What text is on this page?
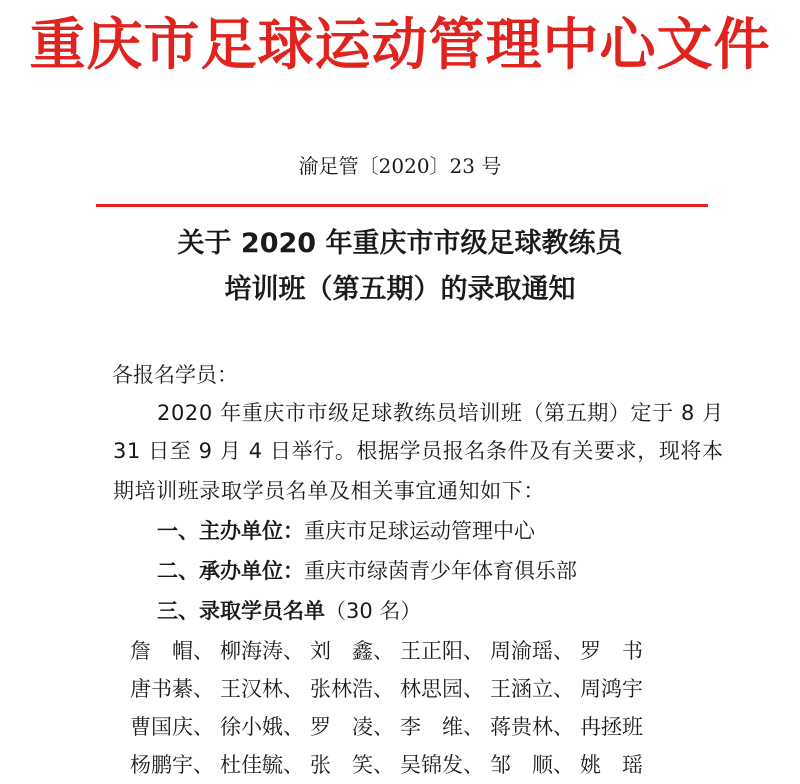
重庆市足球运动管理中心文件
渝足管〔2020〕23 号
关于 2020 年重庆市市级足球教练员
培训班（第五期）的录取通知
各报名学员：
2020 年重庆市市级足球教练员培训班（第五期）定于 8 月
31 日至 9 月 4 日举行。根据学员报名条件及有关要求，现将本
期培训班录取学员名单及相关事宜通知如下：
一、主办单位：重庆市足球运动管理中心
二、承办单位：重庆市绿茵青少年体育俱乐部
三、录取学员名单（30 名）
詹　帽、 柳海涛、 刘　鑫、 王正阳、 周渝瑶、 罗　书
唐书綦、 王汉林、 张林浩、 林思园、 王涵立、 周鸿宇
曹国庆、 徐小娥、 罗　凌、 李　维、 蒋贵林、 冉拯班
杨鹏宇、 杜佳毓、 张　笑、 吴锦发、 邹　顺、 姚　瑶
